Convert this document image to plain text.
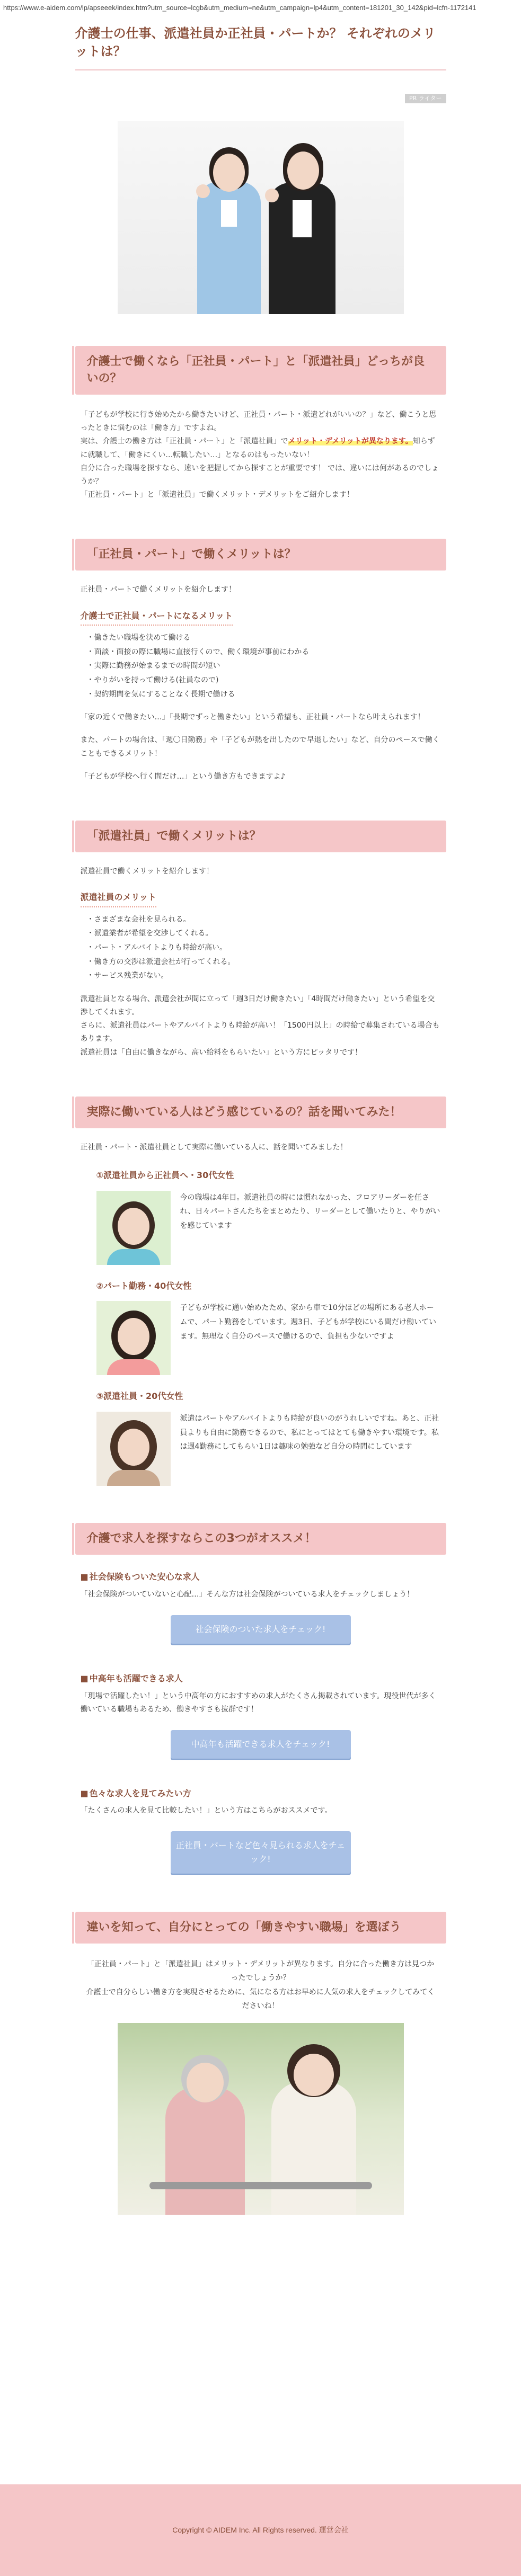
https://www.e-aidem.com/lp/apseeek/index.htm?utm_source=lcgb&utm_medium=ne&utm_campaign=lp4&utm_content=181201_30_142&pid=lcfn-1172141
介護士の仕事、派遣社員か正社員・パートか？ それぞれのメリットは？
PR ライター
介護士で働くなら「正社員・パート」と「派遣社員」どっちが良いの？

「子どもが学校に行き始めたから働きたいけど、正社員・パート・派遣どれがいいの？」など、働こうと思ったときに悩むのは「働き方」ですよね。

実は、介護士の働き方は「正社員・パート」と「派遣社員」でメリット・デメリットが異なります。知らずに就職して、「働きにくい…転職したい…」となるのはもったいない！

自分に合った職場を探すなら、違いを把握してから探すことが重要です！ では、違いには何があるのでしょうか？

「正社員・パート」と「派遣社員」で働くメリット・デメリットをご紹介します！

「正社員・パート」で働くメリットは？
正社員・パートで働くメリットを紹介します！
介護士で正社員・パートになるメリット
・ 働きたい職場を決めて働ける
・ 面談・面接の際に職場に直接行くので、働く環境が事前にわかる
・ 実際に勤務が始まるまでの時間が短い
・ やりがいを持って働ける(社員なので)
・ 契約期間を気にすることなく長期で働ける
「家の近くで働きたい…」「長期でずっと働きたい」という希望も、正社員・パートなら叶えられます！
また、パートの場合は、「週〇日勤務」や「子どもが熱を出したので早退したい」など、自分のペースで働くこともできるメリット！
「子どもが学校へ行く間だけ…」という働き方もできますよ♪
「派遣社員」で働くメリットは？
派遣社員で働くメリットを紹介します！
派遣社員のメリット
・ さまざまな会社を見られる。
・ 派遣業者が希望を交渉してくれる。
・ パート・アルバイトよりも時給が高い。
・ 働き方の交渉は派遣会社が行ってくれる。
・ サービス残業がない。
派遣社員となる場合、派遣会社が間に立って「週3日だけ働きたい」「4時間だけ働きたい」という希望を交渉してくれます。
さらに、派遣社員はパートやアルバイトよりも時給が高い！「1500円以上」の時給で募集されている場合もあります。
派遣社員は「自由に働きながら、高い給料をもらいたい」という方にピッタリです！
実際に働いている人はどう感じているの？話を聞いてみた！
正社員・パート・派遣社員として実際に働いている人に、話を聞いてみました！
①派遣社員から正社員へ・30代女性
今の職場は4年目。派遣社員の時には慣れなかった、フロアリーダーを任され、日々パートさんたちをまとめたり、リーダーとして働いたりと、やりがいを感じています
②パート勤務・40代女性
子どもが学校に通い始めたため、家から車で10分ほどの場所にある老人ホームで、パート勤務をしています。週3日、子どもが学校にいる間だけ働いています。無理なく自分のペースで働けるので、負担も少ないですよ
③派遣社員・20代女性
派遣はパートやアルバイトよりも時給が良いのがうれしいですね。あと、正社員よりも自由に勤務できるので、私にとってはとても働きやすい環境です。私は週4勤務にしてもらい1日は趣味の勉強など自分の時間にしています
介護で求人を探すならこの3つがオススメ！
■ 社会保険もついた安心な求人
「社会保険がついていないと心配…」そんな方は社会保険がついている求人をチェックしましょう！
社会保険のついた求人をチェック!
■ 中高年も活躍できる求人
「現場で活躍したい！」という中高年の方におすすめの求人がたくさん掲載されています。現役世代が多く働いている職場もあるため、働きやすさも抜群です！
中高年も活躍できる求人をチェック!
■ 色々な求人を見てみたい方
「たくさんの求人を見て比較したい！」という方はこちらがおススメです。
正社員・パートなど色々見られる求人をチェック!
違いを知って、自分にとっての「働きやすい職場」を選ぼう
「正社員・パート」と「派遣社員」はメリット・デメリットが異なります。自分に合った働き方は見つかったでしょうか？
介護士で自分らしい働き方を実現させるために、気になる方はお早めに人気の求人をチェックしてみてくださいね！
Copyright © AIDEM Inc. All Rights reserved. 運営会社
